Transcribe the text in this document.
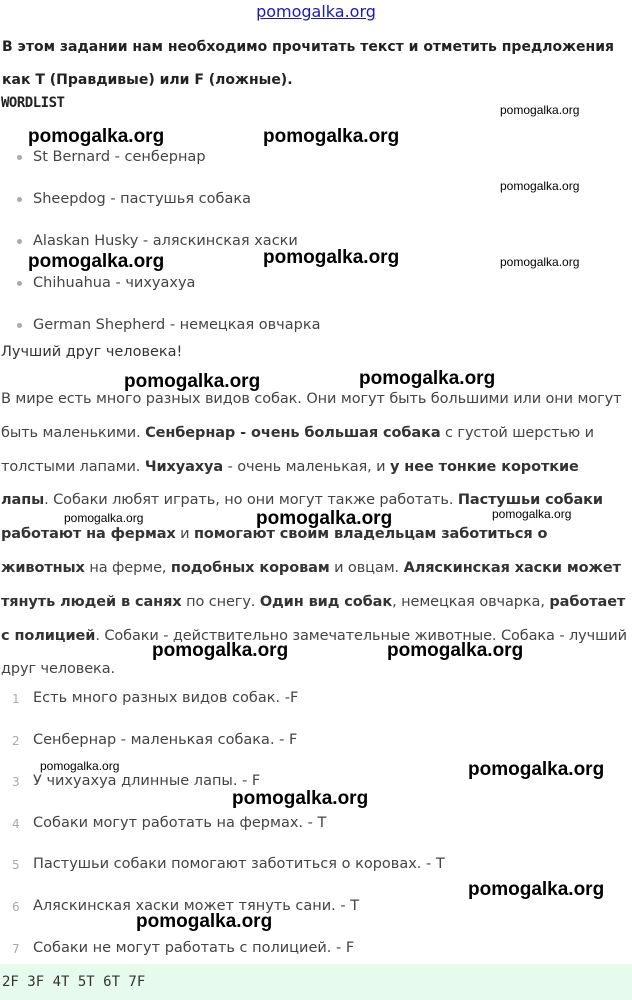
pomogalka.org
В этом задании нам необходимо прочитать текст и отметить предложения как T (Правдивые) или F (ложные).
WORDLIST
St Bernard - сенбернар
Sheepdog - пастушья собака
Alaskan Husky - аляскинская хаски
Chihuahua - чихуахуа
German Shepherd - немецкая овчарка
Лучший друг человека!
В мире есть много разных видов собак. Они могут быть большими или они могут быть маленькими. Сенбернар - очень большая собака с густой шерстью и толстыми лапами. Чихуахуа - очень маленькая, и у нее тонкие короткие лапы. Собаки любят играть, но они могут также работать. Пастушьи собаки работают на фермах и помогают своим владельцам заботиться о животных на ферме, подобных коровам и овцам. Аляскинская хаски может тянуть людей в санях по снегу. Один вид собак, немецкая овчарка, работает с полицией. Собаки - действительно замечательные животные. Собака - лучший друг человека.
1 Есть много разных видов собак. -F
2 Сенбернар - маленькая собака. - F
3 У чихуахуа длинные лапы. - F
4 Собаки могут работать на фермах. - T
5 Пастушьи собаки помогают заботиться о коровах. - T
6 Аляскинская хаски может тянуть сани. - T
7 Собаки не могут работать с полицией. - F
2F 3F 4T 5T 6T 7F
pomogalka.org	pomogalka.org
pomogalka.org
pomogalka.org
pomogalka.org	pomogalka.org	pomogalka.org
pomogalka.org	pomogalka.org
pomogalka.org	pomogalka.org	pomogalka.org
pomogalka.org	pomogalka.org
pomogalka.org	pomogalka.org
pomogalka.org
pomogalka.org
pomogalka.org
